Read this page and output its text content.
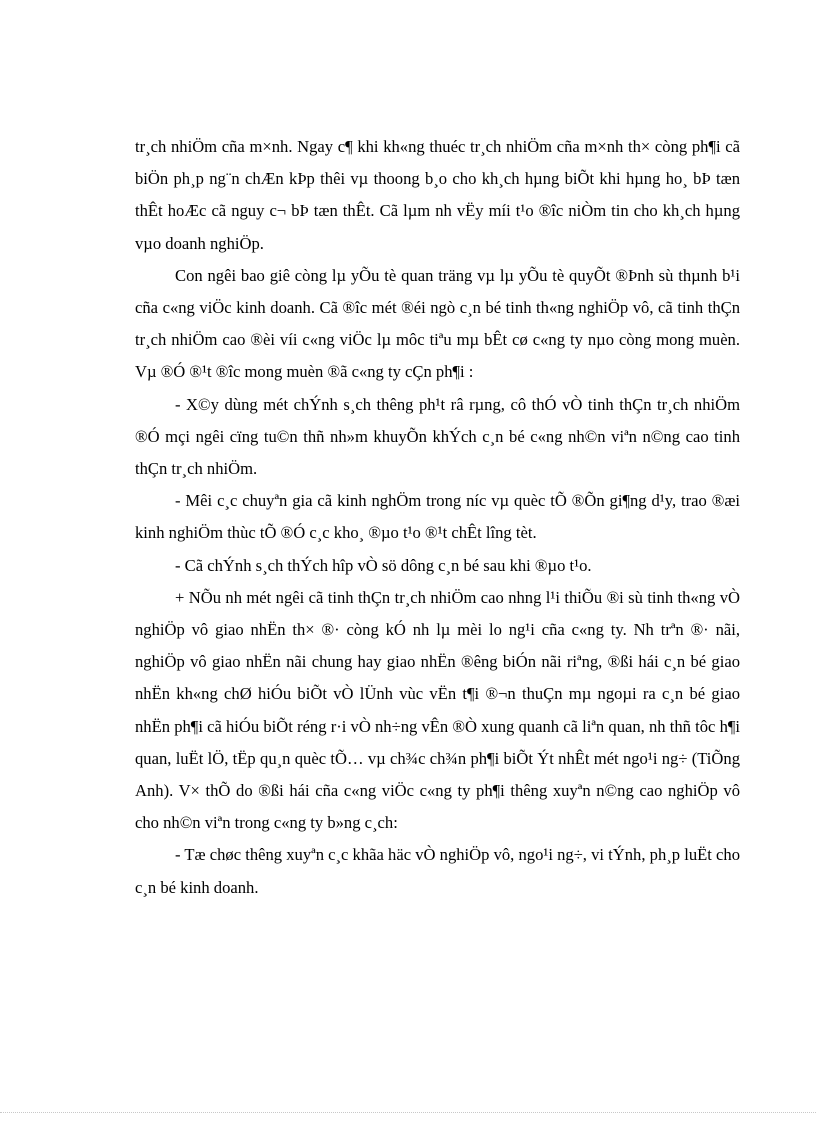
tr¸ch nhiÖm cña m×nh. Ngay c¶ khi kh«ng thuéc tr¸ch nhiÖm cña m×nh th× còng ph¶i cã biÖn ph¸p ng¨n chÆn kÞp thêi vµ thoong b¸o cho kh¸ch hµng biÕt khi hµng ho¸ bÞ tæn thÊt hoÆc cã nguy c¬ bÞ tæn thÊt. Cã lµm nh vËy míi t¹o ®îc niÒm tin cho kh¸ch hµng vµo doanh nghiÖp.

Con ngêi bao giê còng lµ yÕu tè quan träng vµ lµ yÕu tè quyÕt ®Þnh sù thµnh b¹i cña c«ng viÖc kinh doanh. Cã ®îc mét ®éi ngò c¸n bé tinh th«ng nghiÖp vô, cã tinh thÇn tr¸ch nhiÖm cao ®èi víi c«ng viÖc lµ môc tiªu mµ bÊt cø c«ng ty nµo còng mong muèn. Vµ ®Ó ®¹t ®îc mong muèn ®ã c«ng ty cÇn ph¶i :

- X©y dùng mét chÝnh s¸ch thêng ph¹t râ rµng, cô thÓ vÒ tinh thÇn tr¸ch nhiÖm ®Ó mçi ngêi cïng tu©n thñ nh»m khuyÕn khÝch c¸n bé c«ng nh©n viªn n©ng cao tinh thÇn tr¸ch nhiÖm.

- Mêi c¸c chuyªn gia cã kinh nghÖm trong níc vµ quèc tÕ ®Õn gi¶ng d¹y, trao ®æi kinh nghiÖm thùc tÕ ®Ó c¸c kho¸ ®µo t¹o ®¹t chÊt lîng tèt.

- Cã chÝnh s¸ch thÝch hîp vÒ sö dông c¸n bé sau khi ®µo t¹o.

+ NÕu nh mét ngêi cã tinh thÇn tr¸ch nhiÖm cao nhng l¹i thiÕu ®i sù tinh th«ng vÒ nghiÖp vô giao nhËn th× ®· còng kÓ nh lµ mèi lo ng¹i cña c«ng ty. Nh trªn ®· nãi, nghiÖp vô giao nhËn nãi chung hay giao nhËn ®êng biÓn nãi riªng, ®ßi hái c¸n bé giao nhËn kh«ng chØ hiÓu biÕt vÒ lÜnh vùc vËn t¶i ®¬n thuÇn mµ ngoµi ra c¸n bé giao nhËn ph¶i cã hiÓu biÕt réng r·i vÒ nh÷ng vÊn ®Ò xung quanh cã liªn quan, nh thñ tôc h¶i quan, luËt lÖ, tËp qu¸n quèc tÕ… vµ ch¾c ch¾n ph¶i biÕt Ýt nhÊt mét ngo¹i ng÷ (TiÕng Anh). V× thÕ do ®ßi hái cña c«ng viÖc c«ng ty ph¶i thêng xuyªn n©ng cao nghiÖp vô cho nh©n viªn trong c«ng ty b»ng c¸ch:

- Tæ chøc thêng xuyªn c¸c khãa häc vÒ nghiÖp vô, ngo¹i ng÷, vi tÝnh, ph¸p luËt cho c¸n bé kinh doanh.
